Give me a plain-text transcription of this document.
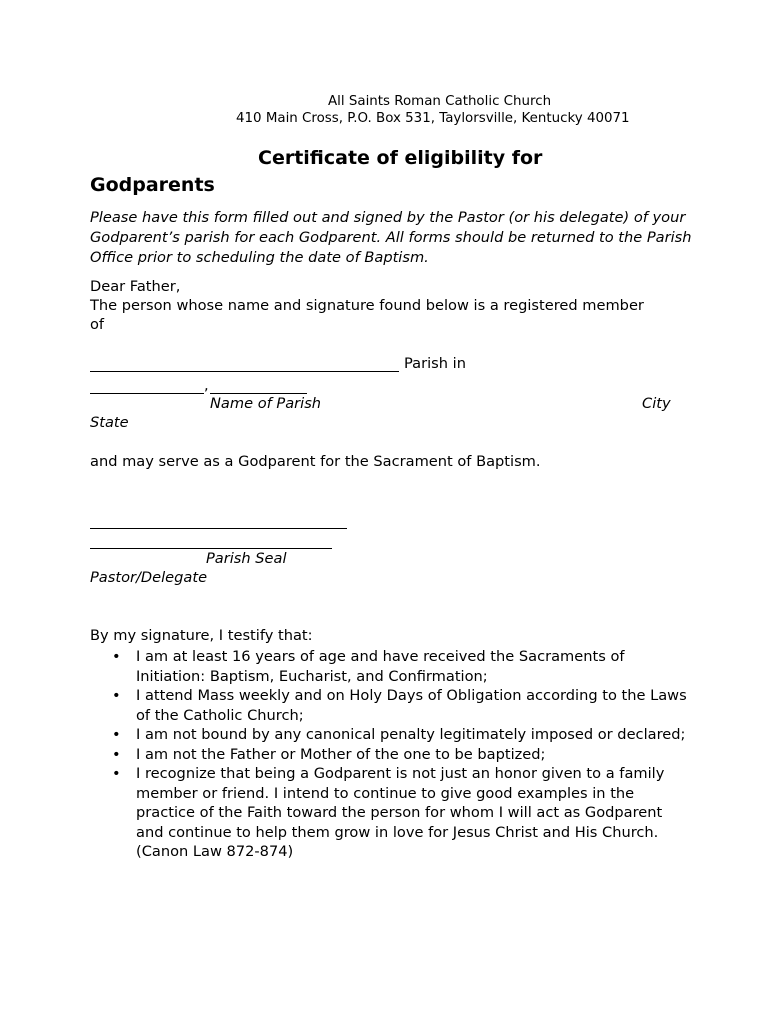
All Saints Roman Catholic Church
410 Main Cross, P.O. Box 531, Taylorsville, Kentucky 40071
Certificate of eligibility for
Godparents
Please have this form filled out and signed by the Pastor (or his delegate) of your Godparent’s parish for each Godparent. All forms should be returned to the Parish Office prior to scheduling the date of Baptism.
Dear Father,
The person whose name and signature found below is a registered member
of
Parish in
,
Name of Parish	City
State
and may serve as a Godparent for the Sacrament of Baptism.
Parish Seal
Pastor/Delegate
By my signature, I testify that:
• I am at least 16 years of age and have received the Sacraments of Initiation: Baptism, Eucharist, and Confirmation;
• I attend Mass weekly and on Holy Days of Obligation according to the Laws of the Catholic Church;
• I am not bound by any canonical penalty legitimately imposed or declared;
• I am not the Father or Mother of the one to be baptized;
• I recognize that being a Godparent is not just an honor given to a family member or friend. I intend to continue to give good examples in the practice of the Faith toward the person for whom I will act as Godparent and continue to help them grow in love for Jesus Christ and His Church.
(Canon Law 872-874)
